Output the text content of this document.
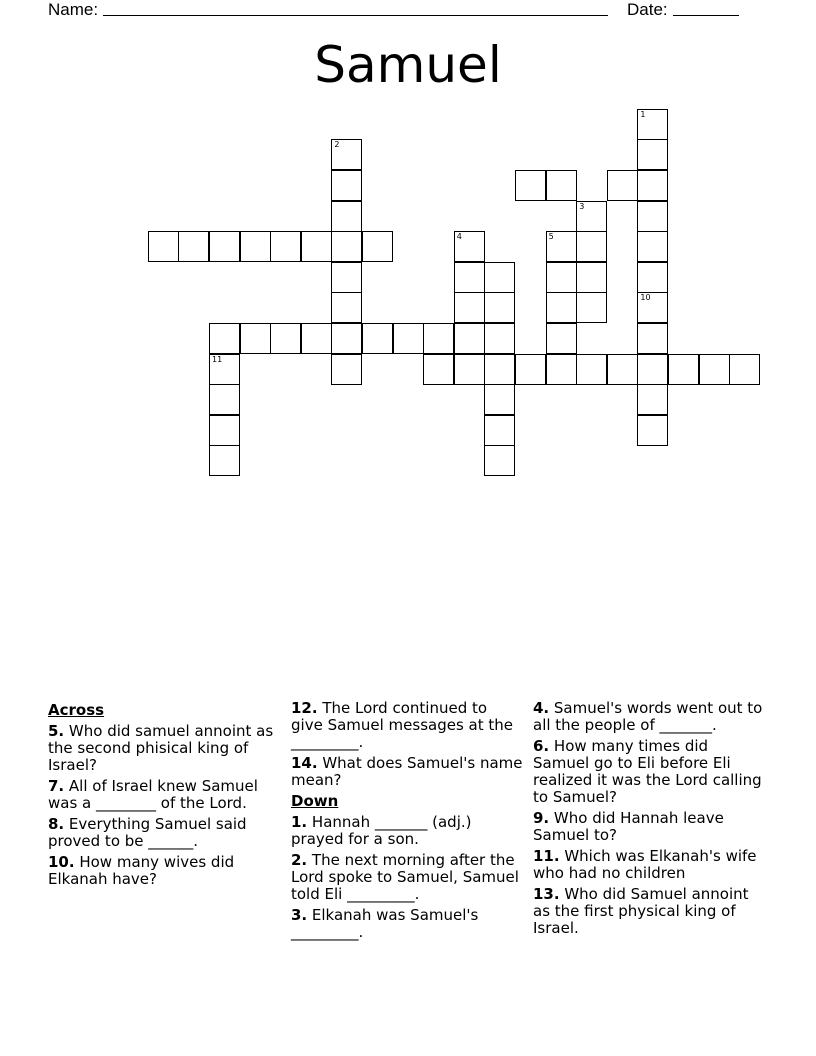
Name:	Date:
Samuel
1
10
2
3
4	5
11
Across
5. Who did samuel annoint as the second phisical king of Israel?
7. All of Israel knew Samuel was a ________ of the Lord.
8. Everything Samuel said proved to be ______.
10. How many wives did Elkanah have?
12. The Lord continued to give Samuel messages at the _________.
14. What does Samuel's name mean?
Down
1. Hannah _______ (adj.) prayed for a son.
2. The next morning after the Lord spoke to Samuel, Samuel told Eli _________.
3. Elkanah was Samuel's _________.
4. Samuel's words went out to all the people of _______.
6. How many times did Samuel go to Eli before Eli realized it was the Lord calling to Samuel?
9. Who did Hannah leave Samuel to?
11. Which was Elkanah's wife who had no children
13. Who did Samuel annoint as the first physical king of Israel.
